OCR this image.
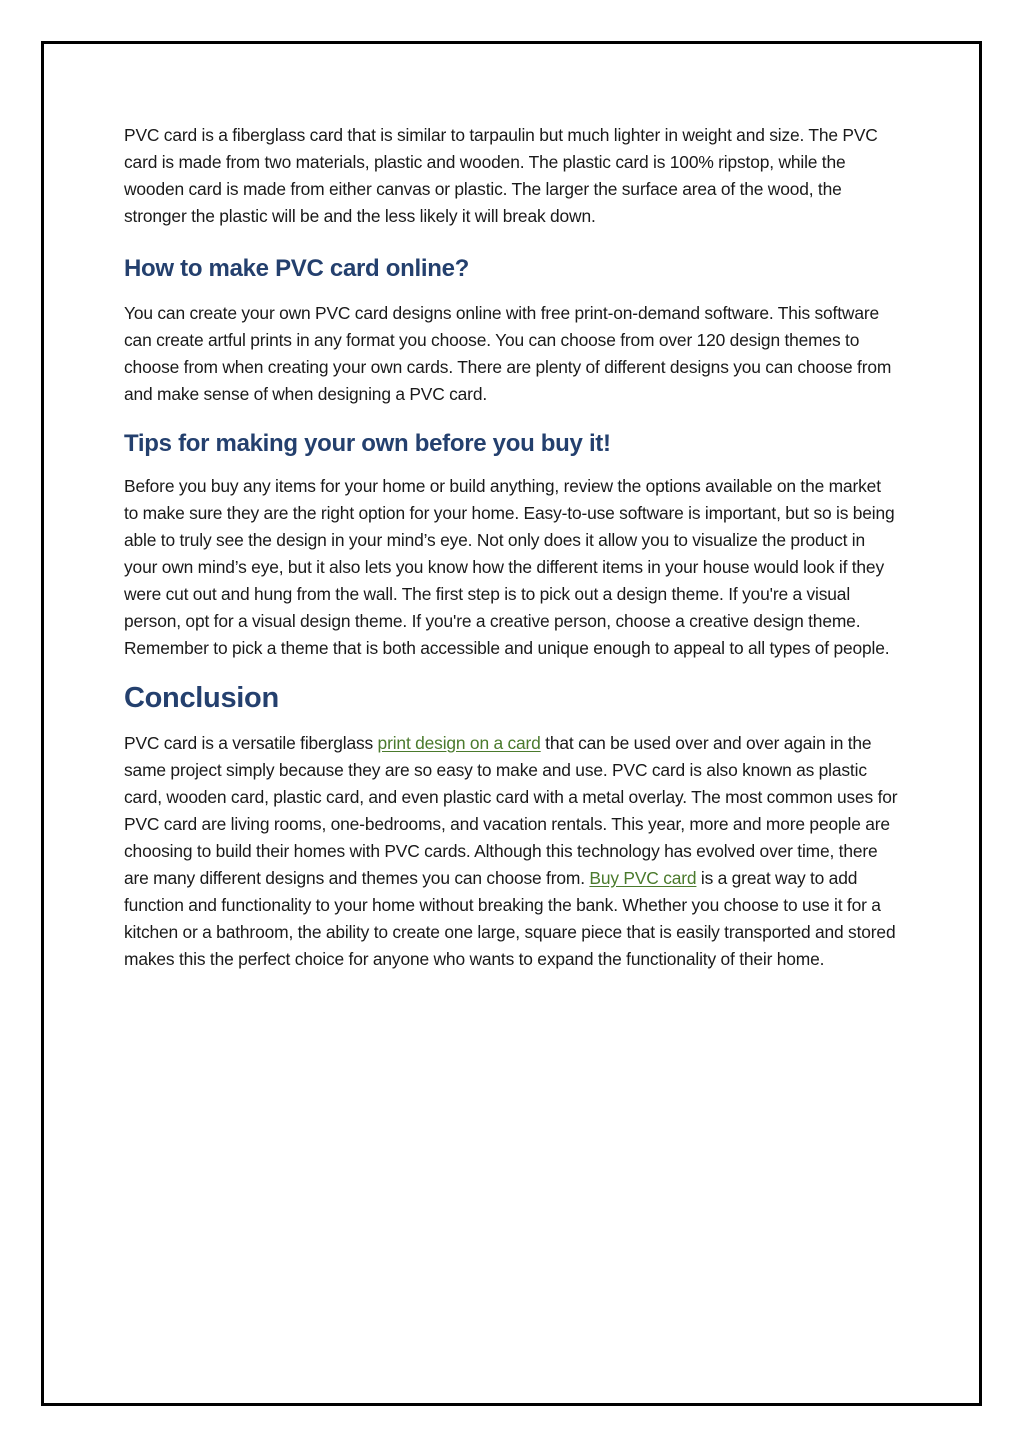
PVC card is a fiberglass card that is similar to tarpaulin but much lighter in weight and size. The PVC card is made from two materials, plastic and wooden. The plastic card is 100% ripstop, while the wooden card is made from either canvas or plastic. The larger the surface area of the wood, the stronger the plastic will be and the less likely it will break down.

How to make PVC card online?

You can create your own PVC card designs online with free print-on-demand software. This software can create artful prints in any format you choose. You can choose from over 120 design themes to choose from when creating your own cards. There are plenty of different designs you can choose from and make sense of when designing a PVC card.

Tips for making your own before you buy it!

Before you buy any items for your home or build anything, review the options available on the market to make sure they are the right option for your home. Easy-to-use software is important, but so is being able to truly see the design in your mind’s eye. Not only does it allow you to visualize the product in your own mind’s eye, but it also lets you know how the different items in your house would look if they were cut out and hung from the wall. The first step is to pick out a design theme. If you're a visual person, opt for a visual design theme. If you're a creative person, choose a creative design theme. Remember to pick a theme that is both accessible and unique enough to appeal to all types of people.

Conclusion

PVC card is a versatile fiberglass print design on a card that can be used over and over again in the same project simply because they are so easy to make and use. PVC card is also known as plastic card, wooden card, plastic card, and even plastic card with a metal overlay. The most common uses for PVC card are living rooms, one-bedrooms, and vacation rentals. This year, more and more people are choosing to build their homes with PVC cards. Although this technology has evolved over time, there are many different designs and themes you can choose from. Buy PVC card is a great way to add function and functionality to your home without breaking the bank. Whether you choose to use it for a kitchen or a bathroom, the ability to create one large, square piece that is easily transported and stored makes this the perfect choice for anyone who wants to expand the functionality of their home.
